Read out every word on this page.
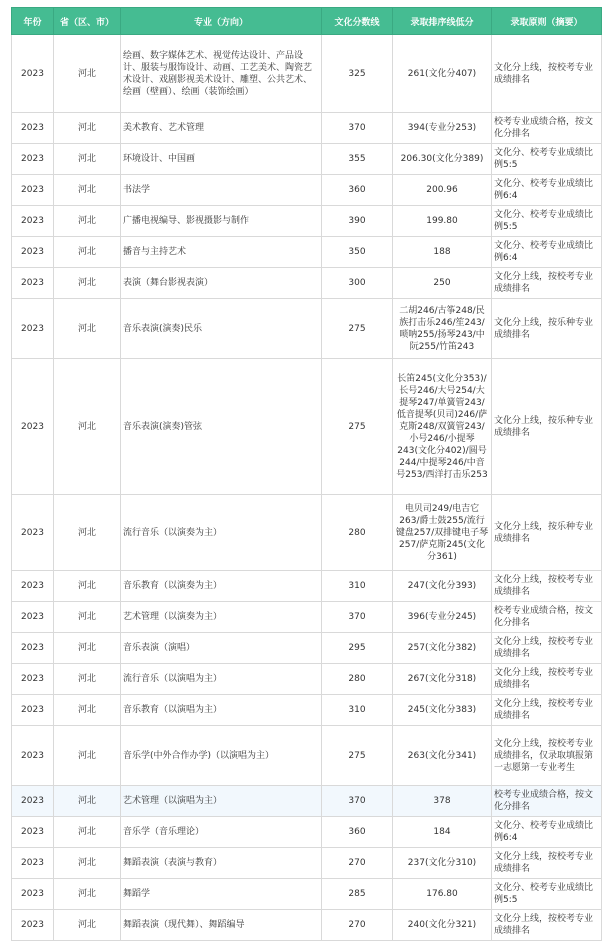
年份	省（区、市）	专业（方向）	文化分数线	录取排序线低分	录取原则（摘要）
2023	河北	绘画、数字媒体艺术、视觉传达设计、产品设计、服装与服饰设计、动画、工艺美术、陶瓷艺术设计、戏剧影视美术设计、雕塑、公共艺术、绘画（壁画）、绘画（装饰绘画）	325	261(文化分407)	文化分上线，按校考专业成绩排名
2023	河北	美术教育、艺术管理	370	394(专业分253)	校考专业成绩合格，按文化分排名
2023	河北	环境设计、中国画	355	206.30(文化分389)	文化分、校考专业成绩比例5:5
2023	河北	书法学	360	200.96	文化分、校考专业成绩比例6:4
2023	河北	广播电视编导、影视摄影与制作	390	199.80	文化分、校考专业成绩比例5:5
2023	河北	播音与主持艺术	350	188	文化分、校考专业成绩比例6:4
2023	河北	表演（舞台影视表演）	300	250	文化分上线，按校考专业成绩排名
2023	河北	音乐表演(演奏)民乐	275	二胡246/古筝248/民族打击乐246/笙243/唢呐255/扬琴243/中阮255/竹笛243	文化分上线，按乐种专业成绩排名
2023	河北	音乐表演(演奏)管弦	275	长笛245(文化分353)/长号246/大号254/大提琴247/单簧管243/低音提琴(贝司)246/萨克斯248/双簧管243/小号246/小提琴243(文化分402)/圆号244/中提琴246/中音号253/西洋打击乐253	文化分上线，按乐种专业成绩排名
2023	河北	流行音乐（以演奏为主）	280	电贝司249/电吉它263/爵士鼓255/流行键盘257/双排键电子琴257/萨克斯245(文化分361)	文化分上线，按乐种专业成绩排名
2023	河北	音乐教育（以演奏为主）	310	247(文化分393)	文化分上线，按校考专业成绩排名
2023	河北	艺术管理（以演奏为主）	370	396(专业分245)	校考专业成绩合格，按文化分排名
2023	河北	音乐表演（演唱）	295	257(文化分382)	文化分上线，按校考专业成绩排名
2023	河北	流行音乐（以演唱为主）	280	267(文化分318)	文化分上线，按校考专业成绩排名
2023	河北	音乐教育（以演唱为主）	310	245(文化分383)	文化分上线，按校考专业成绩排名
2023	河北	音乐学(中外合作办学)（以演唱为主）	275	263(文化分341)	文化分上线，按校考专业成绩排名，仅录取填报第一志愿第一专业考生
2023	河北	艺术管理（以演唱为主）	370	378	校考专业成绩合格，按文化分排名
2023	河北	音乐学（音乐理论）	360	184	文化分、校考专业成绩比例6:4
2023	河北	舞蹈表演（表演与教育）	270	237(文化分310)	文化分上线，按校考专业成绩排名
2023	河北	舞蹈学	285	176.80	文化分、校考专业成绩比例5:5
2023	河北	舞蹈表演（现代舞）、舞蹈编导	270	240(文化分321)	文化分上线，按校考专业成绩排名
